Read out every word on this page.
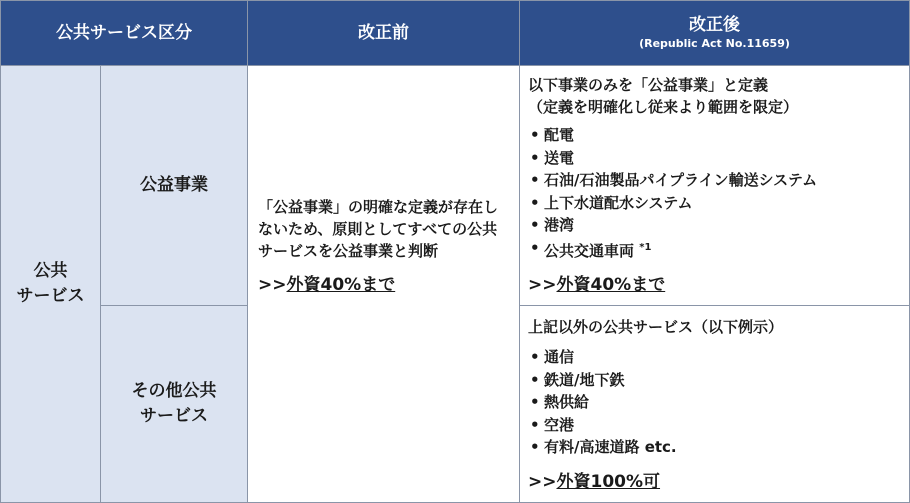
公共サービス区分	改正前	改正後
(Republic Act No.11659)
公共
サービス
公益事業
その他公共
サービス
「公益事業」の明確な定義が存在しないため、原則としてすべての公共サービスを公益事業と判断
>>外資40%まで
以下事業のみを「公益事業」と定義
（定義を明確化し従来より範囲を限定）
• 配電
• 送電
• 石油/石油製品パイプライン輸送システム
• 上下水道配水システム
• 港湾
• 公共交通車両 $^{*1}$
>>外資40%まで
上記以外の公共サービス（以下例示）
• 通信
• 鉄道/地下鉄
• 熱供給
• 空港
• 有料/高速道路 etc.
>>外資100%可
